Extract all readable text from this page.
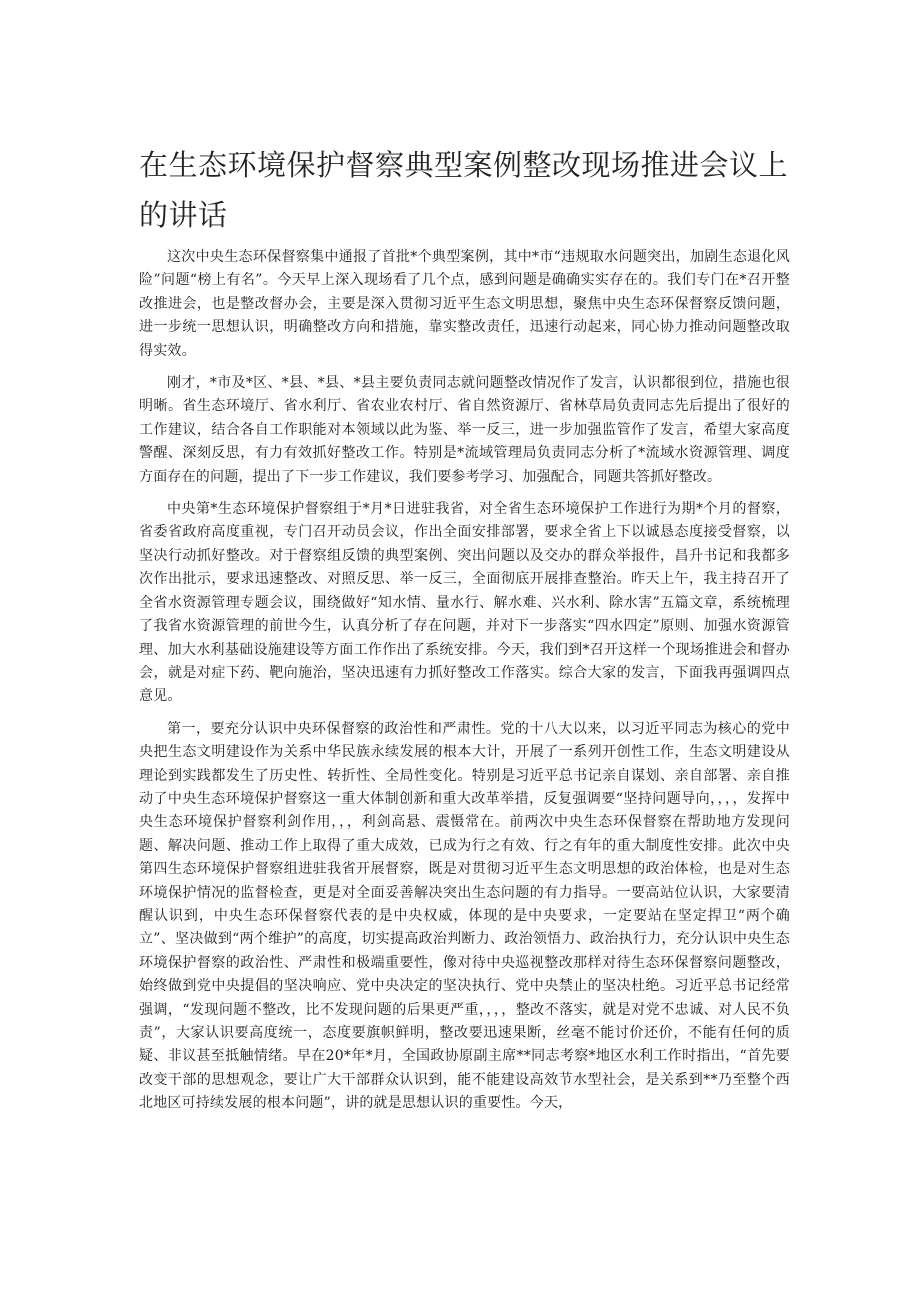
在生态环境保护督察典型案例整改现场推进会议上
的讲话

这次中央生态环保督察集中通报了首批*个典型案例，其中*市“违规取水问题突出，加剧生态退化风险”问题“榜上有名”。今天早上深入现场看了几个点，感到问题是确确实实存在的。我们专门在*召开整改推进会，也是整改督办会，主要是深入贯彻习近平生态文明思想，聚焦中央生态环保督察反馈问题，进一步统一思想认识，明确整改方向和措施，靠实整改责任，迅速行动起来，同心协力推动问题整改取得实效。

刚才，*市及*区、*县、*县、*县主要负责同志就问题整改情况作了发言，认识都很到位，措施也很明晰。省生态环境厅、省水利厅、省农业农村厅、省自然资源厅、省林草局负责同志先后提出了很好的工作建议，结合各自工作职能对本领域以此为鉴、举一反三，进一步加强监管作了发言，希望大家高度警醒、深刻反思，有力有效抓好整改工作。特别是*流域管理局负责同志分析了*流域水资源管理、调度方面存在的问题，提出了下一步工作建议，我们要参考学习、加强配合，同题共答抓好整改。

中央第*生态环境保护督察组于*月*日进驻我省，对全省生态环境保护工作进行为期*个月的督察，省委省政府高度重视，专门召开动员会议，作出全面安排部署，要求全省上下以诚恳态度接受督察，以坚决行动抓好整改。对于督察组反馈的典型案例、突出问题以及交办的群众举报件，昌升书记和我都多次作出批示，要求迅速整改、对照反思、举一反三，全面彻底开展排查整治。昨天上午，我主持召开了全省水资源管理专题会议，围绕做好“知水情、量水行、解水难、兴水利、除水害”五篇文章，系统梳理了我省水资源管理的前世今生，认真分析了存在问题，并对下一步落实“四水四定”原则、加强水资源管理、加大水利基础设施建设等方面工作作出了系统安排。今天，我们到*召开这样一个现场推进会和督办会，就是对症下药、靶向施治，坚决迅速有力抓好整改工作落实。综合大家的发言，下面我再强调四点意见。

第一，要充分认识中央环保督察的政治性和严肃性。党的十八大以来，以习近平同志为核心的党中央把生态文明建设作为关系中华民族永续发展的根本大计，开展了一系列开创性工作，生态文明建设从理论到实践都发生了历史性、转折性、全局性变化。特别是习近平总书记亲自谋划、亲自部署、亲自推动了中央生态环境保护督察这一重大体制创新和重大改革举措，反复强调要“坚持问题导向，，，，发挥中央生态环境保护督察利剑作用，，，利剑高悬、震慑常在。前两次中央生态环保督察在帮助地方发现问题、解决问题、推动工作上取得了重大成效，已成为行之有效、行之有年的重大制度性安排。此次中央第四生态环境保护督察组进驻我省开展督察，既是对贯彻习近平生态文明思想的政治体检，也是对生态环境保护情况的监督检查，更是对全面妥善解决突出生态问题的有力指导。一要高站位认识，大家要清醒认识到，中央生态环保督察代表的是中央权威，体现的是中央要求，一定要站在坚定捍卫“两个确立”、坚决做到“两个维护”的高度，切实提高政治判断力、政治领悟力、政治执行力，充分认识中央生态环境保护督察的政治性、严肃性和极端重要性，像对待中央巡视整改那样对待生态环保督察问题整改，始终做到党中央提倡的坚决响应、党中央决定的坚决执行、党中央禁止的坚决杜绝。习近平总书记经常强调，“发现问题不整改，比不发现问题的后果更严重，，，，整改不落实，就是对党不忠诚、对人民不负责”，大家认识要高度统一，态度要旗帜鲜明，整改要迅速果断，丝毫不能讨价还价，不能有任何的质疑、非议甚至抵触情绪。早在20*年*月，全国政协原副主席**同志考察*地区水利工作时指出，“首先要改变干部的思想观念，要让广大干部群众认识到，能不能建设高效节水型社会，是关系到**乃至整个西北地区可持续发展的根本问题”，讲的就是思想认识的重要性。今天，
